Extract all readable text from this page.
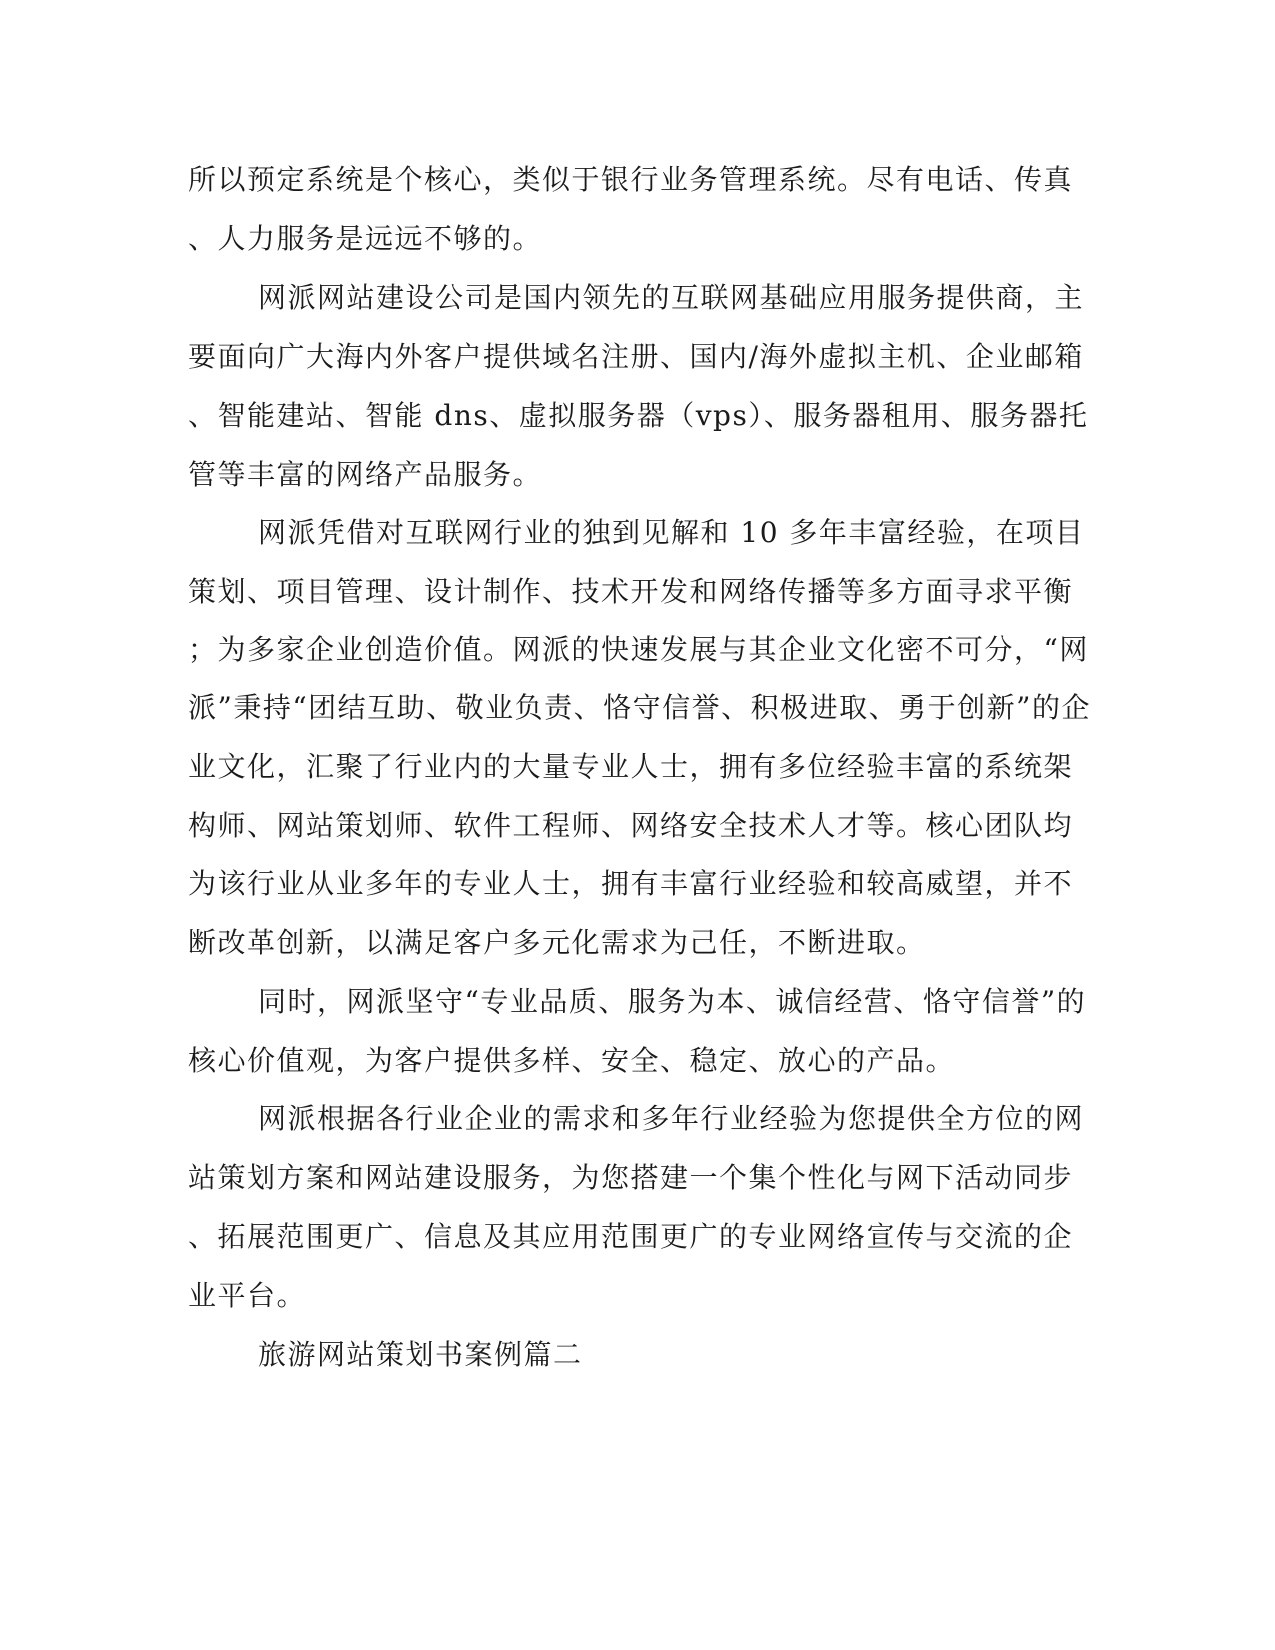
所以预定系统是个核心，类似于银行业务管理系统。尽有电话、传真
、人力服务是远远不够的。
网派网站建设公司是国内领先的互联网基础应用服务提供商，主
要面向广大海内外客户提供域名注册、国内/海外虚拟主机、企业邮箱
、智能建站、智能 dns、虚拟服务器（vps）、服务器租用、服务器托
管等丰富的网络产品服务。
网派凭借对互联网行业的独到见解和 10 多年丰富经验，在项目
策划、项目管理、设计制作、技术开发和网络传播等多方面寻求平衡
；为多家企业创造价值。网派的快速发展与其企业文化密不可分，“网
派”秉持“团结互助、敬业负责、恪守信誉、积极进取、勇于创新”的企
业文化，汇聚了行业内的大量专业人士，拥有多位经验丰富的系统架
构师、网站策划师、软件工程师、网络安全技术人才等。核心团队均
为该行业从业多年的专业人士，拥有丰富行业经验和较高威望，并不
断改革创新，以满足客户多元化需求为己任，不断进取。
同时，网派坚守“专业品质、服务为本、诚信经营、恪守信誉”的
核心价值观，为客户提供多样、安全、稳定、放心的产品。
网派根据各行业企业的需求和多年行业经验为您提供全方位的网
站策划方案和网站建设服务，为您搭建一个集个性化与网下活动同步
、拓展范围更广、信息及其应用范围更广的专业网络宣传与交流的企
业平台。
旅游网站策划书案例篇二
